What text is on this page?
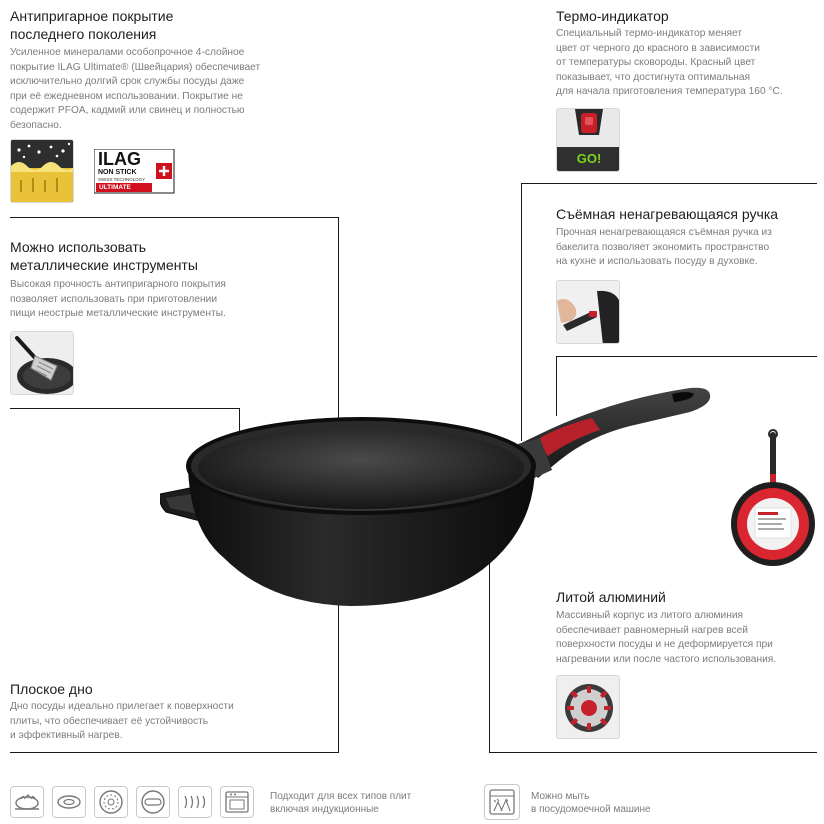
Антипригарное покрытие
последнего поколения
Усиленное минералами особопрочное 4-слойное
покрытие ILAG Ultimate® (Швейцария) обеспечивает
исключительно долгий срок службы посуды даже
при её ежедневном использовании. Покрытие не
содержит PFOA, кадмий или свинец и полностью
безопасно.
ILAG
NON STICK
SWISS TECHNOLOGY
ULTIMATE
Можно использовать
металлические инструменты
Высокая прочность антипригарного покрытия
позволяет использовать при приготовлении
пищи неострые металлические инструменты.
Плоское дно
Дно посуды идеально прилегает к поверхности
плиты, что обеспечивает её устойчивость
и эффективный нагрев.
Термо-индикатор
Специальный термо-индикатор меняет
цвет от черного до красного в зависимости
от температуры сковороды. Красный цвет
показывает, что достигнута оптимальная
для начала приготовления температура 160 °С.
GO!
Съёмная ненагревающаяся ручка
Прочная ненагревающаяся съёмная ручка из
бакелита позволяет экономить пространство
на кухне и использовать посуду в духовке.
Литой алюминий
Массивный корпус из литого алюминия
обеспечивает равномерный нагрев всей
поверхности посуды и не деформируется при
нагревании или после частого использования.
Подходит для всех типов плит
включая индукционные
Можно мыть
в посудомоечной машине
